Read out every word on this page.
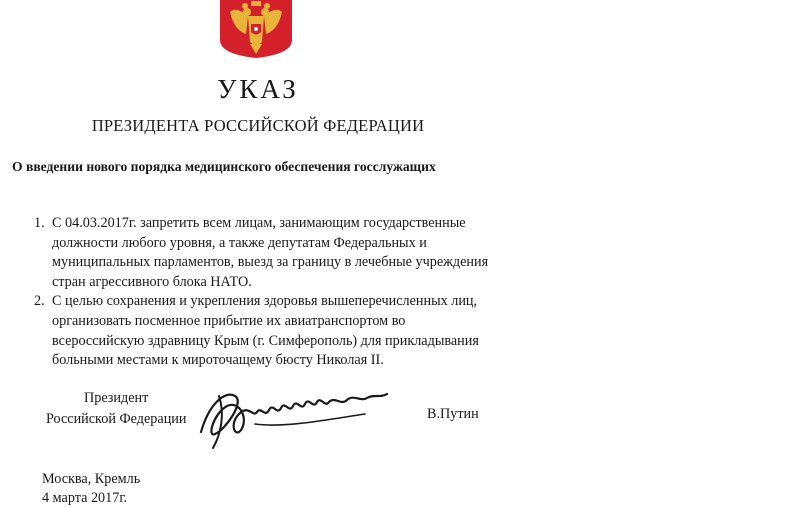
УКАЗ
ПРЕЗИДЕНТА РОССИЙСКОЙ ФЕДЕРАЦИИ
О введении нового порядка медицинского обеспечения госслужащих
1. С 04.03.2017г. запретить всем лицам, занимающим государственные
должности любого уровня, а также депутатам Федеральных и
муниципальных парламентов, выезд за границу в лечебные учреждения
стран агрессивного блока НАТО.
2. С целью сохранения и укрепления здоровья вышеперечисленных лиц,
организовать посменное прибытие их авиатранспортом во
всероссийскую здравницу Крым (г. Симферополь) для прикладывания
больными местами к мироточащему бюсту Николая II.
Президент
Российской Федерации	В.Путин
Москва, Кремль
4 марта 2017г.
